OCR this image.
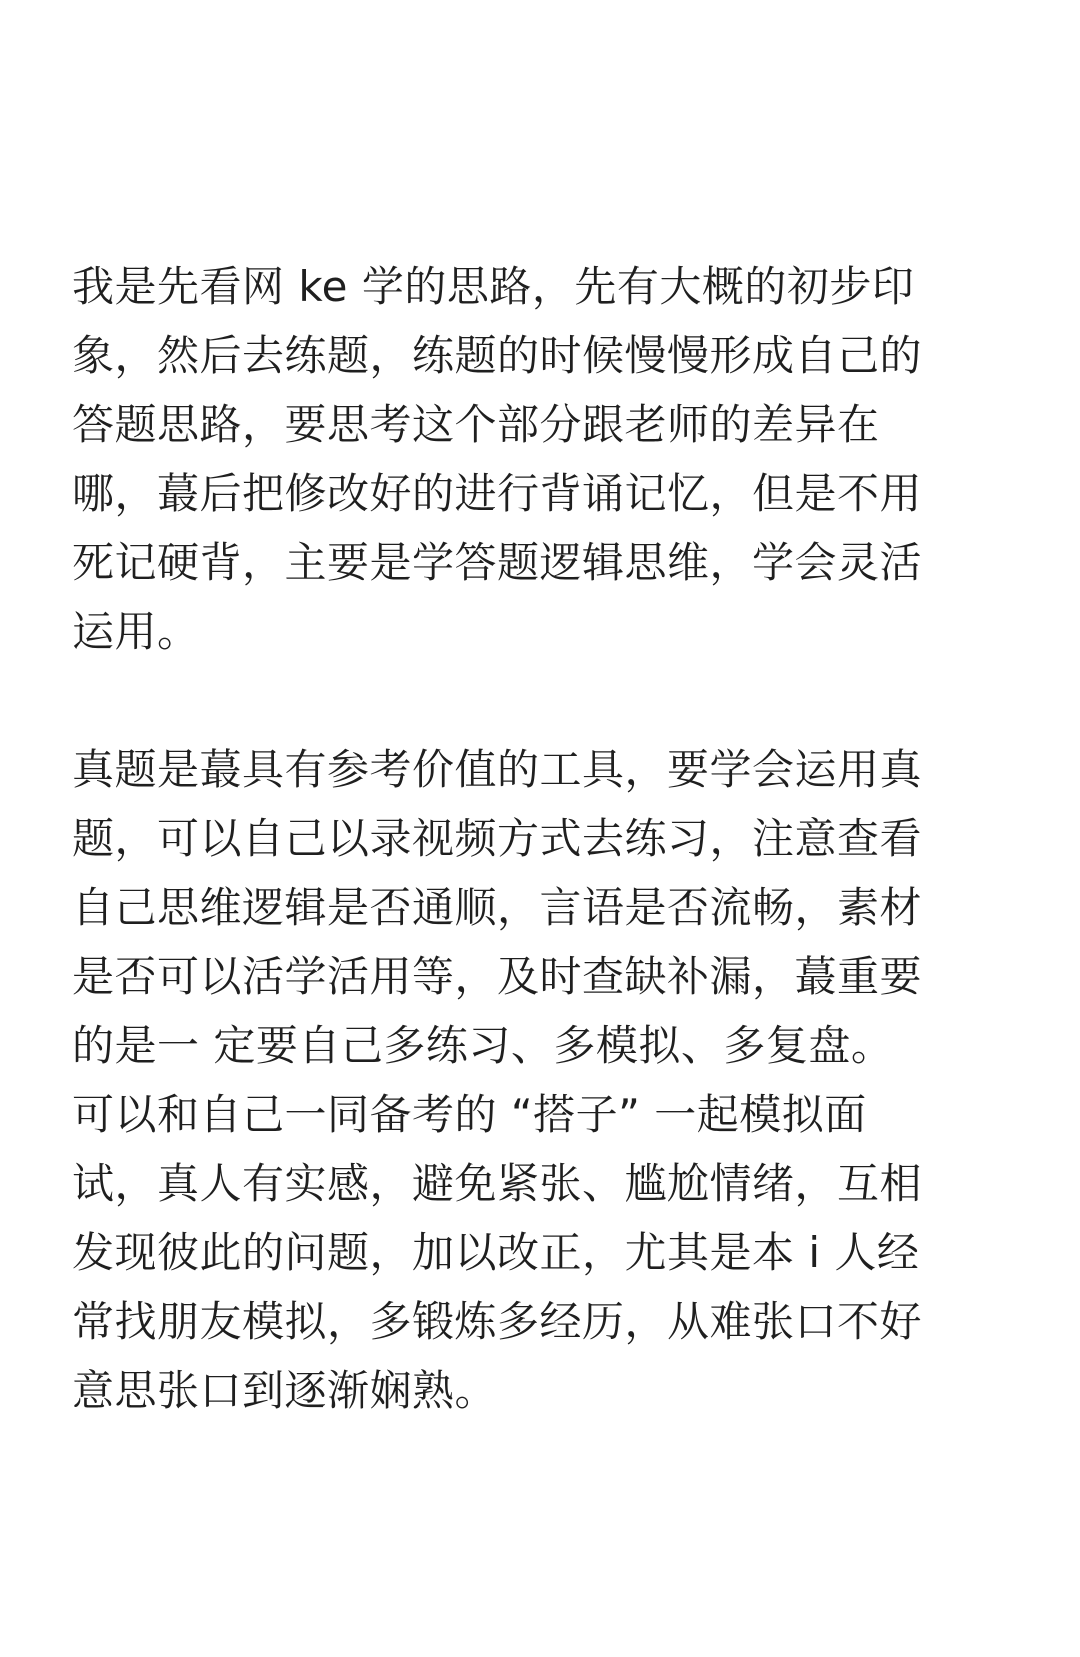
我是先看网 ke 学的思路，先有大概的初步印
象，然后去练题，练题的时候慢慢形成自己的
答题思路，要思考这个部分跟老师的差异在
哪，蕞后把修改好的进行背诵记忆，但是不用
死记硬背，主要是学答题逻辑思维，学会灵活
运用。
真题是蕞具有参考价值的工具，要学会运用真
题，可以自己以录视频方式去练习，注意查看
自己思维逻辑是否通顺，言语是否流畅，素材
是否可以活学活用等，及时查缺补漏，蕞重要
的是一 定要自己多练习、多模拟、多复盘。
可以和自己一同备考的 “搭子” 一起模拟面
试，真人有实感，避免紧张、尴尬情绪，互相
发现彼此的问题，加以改正，尤其是本 i 人经
常找朋友模拟，多锻炼多经历，从难张口不好
意思张口到逐渐娴熟。
